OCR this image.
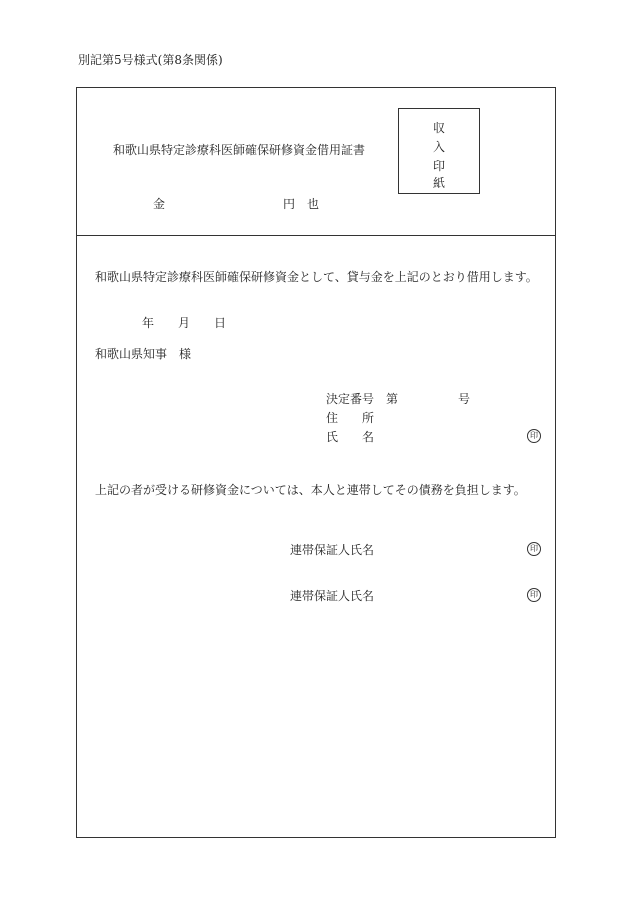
別記第5号様式(第8条関係)
和歌山県特定診療科医師確保研修資金借用証書
収
入
印
紙
金	円 也
和歌山県特定診療科医師確保研修資金として、貸与金を上記のとおり借用します。
年 月 日
和歌山県知事　様
決定番号 第	号
住　　所
氏　　名	印
上記の者が受ける研修資金については、本人と連帯してその債務を負担します。
連帯保証人氏名	印
連帯保証人氏名	印
